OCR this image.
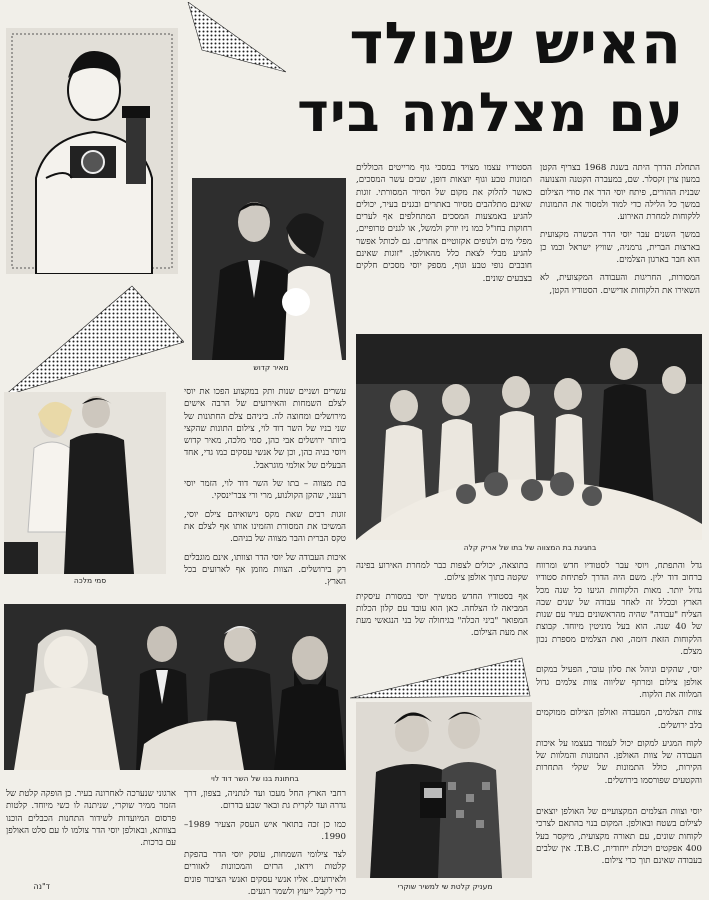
האיש שנולד
עם מצלמה ביד
מאיר קדוש

התחלת הדרך היתה בשנת 1968 בצריף הקטן במעון צוין זקסלר. שם, במעברה הקטנה והצנועה שבנית ההורים, פיתח יוסי הדר את סודי הצילום במשך כל הלילה כדי למוד ולמסור את התמונות ללקוחות למחרת האירוע.

במשך השנים עבר יוסי הדר הכשרה מקצועית בארצות הברית, גרמניה, שוויץ ישראל וכמו כן הוא חבר בארגון הצלמים.

המסורות, החריגות והעבודה המקצועית, לא השאירו את הלקוחות אדישים. הסטודיו הקטן,

הסטודיו עצמו מצויד במסכי גוף מרייטים הכוללים תמונות טבע וגוף יוצאות דופן, שבים עשר המסכים, כאשר להלוק את מקום של הסיור המסורתי. זוגות שאינם מתלהבים מסיור באתרים ובגנים בעיר, יכולים להגיע באמצעות המסכים המתחלפים אף לערים רחוקות בחו"ל כמו ניו יורק ולמשל, או לגנים טרופיים, מפלי מים ולנופים אקזוטיים אחרים. גם לכותל אפשר להגיע מבלי לצאת כלל מהאולפן. "זוגות שאינם חובבים נופי טבע וגוף, מספק יוסי מסכים חלקים בצבעים שונים.

בחגיגת בת המצווה של בתו של אריק קלה

עשרים ושניים שנות ותק במקצוע הפכו את יוסי לצלם השמחות והאירועים של הרבה אישים מירושלים ומחוצה לה. ביניהם צלם החתונות של שני בניו של השר דוד לוי, צילום התונות שהקצי ביותר ירושלים אבי כהן, סמי מלכה, מאיר קדוש ויוסי בניה כהן, וכן של אנשי עסקים כמו גדי, אחד הבעלים של אולמי מוגראבל.

בת מצווה – בתו של השר דוד לוי, הזמר יוסי רענני, שהקן הקולנוע, מרי ורי צבר'ינסקי.

זוגות רבים שאת מקס נישואיהם צילם יוסי, המשיכו את המסורת והזמינו אותו אף לצלם את טקס הברית והבר מצווה של בניהם.

איכות העבודה של יוסי הדר וצוותו, אינם מוגבלים רק בירושלים. הצוות מוזמן אף לארועים בכל הארץ.

סמי מלכה

גדל והתפתח, ויוסי עבר לסטודיו חדש ומרווח ברחוב דוד ילין. משם היה הדרך לפתיחת סטודיו גדול יותר. מאות הלקוחות הגיעו כל שנה מכל הארץ ובכלל זה לאחר עבודה של שנים שבה הצליח "עבודה" שהיה מהראשונים בעיר עם שנות של 40 שנה. הוא בעל מוניטין מיוחד. קבוצת הלקוחות הזאת דומה, ואת הצלמים מספרת נכון מצלם.

יוסי, שהקים וניהל את סלון עובר, הפעיל במקום אולפן צילום ומרתף שליווה צוות צלמים גדול המלווה את הלקוח.

צוות הצלמים, המעבדה ואולפן הצילום ממוקמים בלב ירושלים.

לקוח המגיע למקום יכול לעמוד בעצמו על איכות העבודה של צוות האולפן. התמונות והמלוות של הקירות, כולל התמונות של שקלי התחרות והקטעים שפורסמו בירושלים.

בתוצאה, יכולים לצפות כבר למחרת האירוע בפינה שקטה בתוך אולפן צילום.

אף בסטודיו החדש ממשיך יוסי במסורת עיסקית המביאה לו הצלחה. כאן הוא עובד עם קלון הכלות המפואר "ביני הכלה" בגיחולה של בני הנגאשי מעת את מעת הצילום.

בחתונת בנו של השר דוד לוי
מעניק קלטת שי למשיר שוקרי

יוסי וצוות הצלמים המקצועיים של האולפן יוצאים לצילום בשטח ובאולפן. המקום בנוי בהתאם לצרכי לקוחות שונים, עם תאורה מקצועית, מיקסר בעל 400 אפקטים ויכולת ייחודית, T.B.C. אין שלבים בעבודה שאינם תוך כדי צילום.

רחבי הארץ החל מעכו ועד לנתניה, בצפון, דרך גדרה ועד לקרית גת ובאר שבע בדרום.

כמו כן זכה בתואר איש העסק הצעיר 1989–1990.

לצד צילומי השמחות, עוסק יוסי הדר בהפקת קלטות וידאו, הרזים והמכוונות לאזורים ולאירועים. אליו אנשי עסקים ואנשי הציבור פונים כדי לקבל ייעוץ ולשמר רגעים.

ארגוני שנערכה לאחרונה בעיר. כן הופקה קלטת של הזמר ממיר שוקרי, שניתנה לו כשי מיוחד. קלטות פרסום המיועדות לשידור התחנות הכבלים הוכנו בצוותא, ובאולפן יוסי הדר צולמו לו עם סלט האולפן עם ברכות.

ד"נה
